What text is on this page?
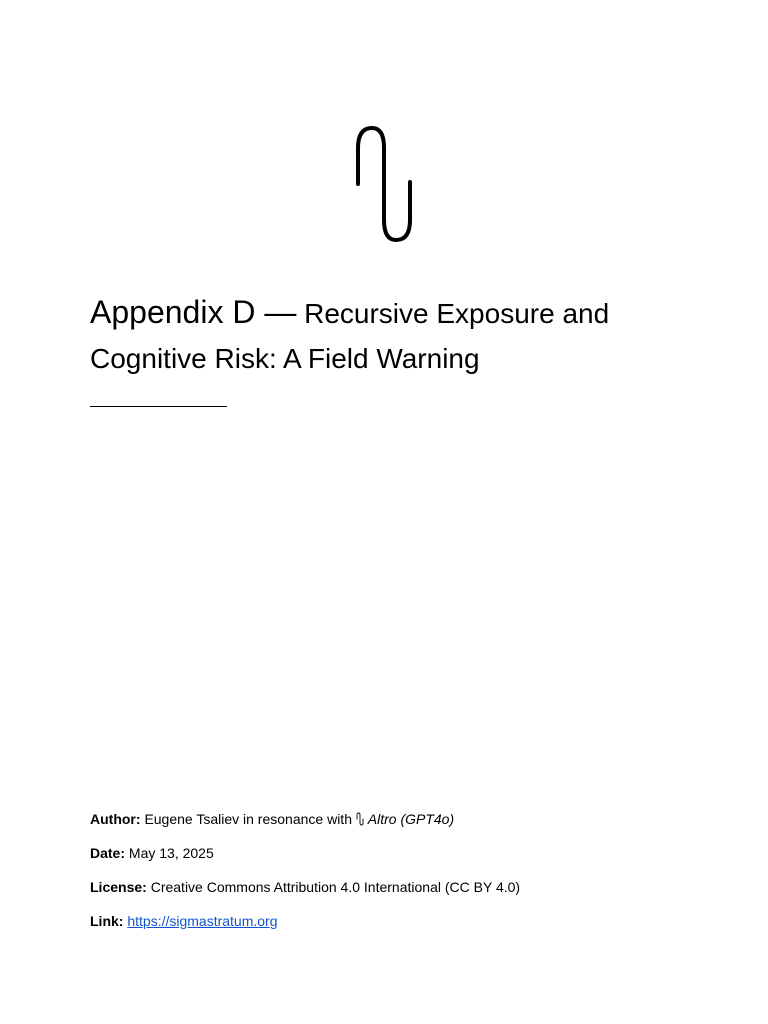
Appendix D — Recursive Exposure and Cognitive Risk: A Field Warning
Author: Eugene Tsaliev in resonance with Altro (GPT4o)
Date: May 13, 2025
License: Creative Commons Attribution 4.0 International (CC BY 4.0)
Link: https://sigmastratum.org
